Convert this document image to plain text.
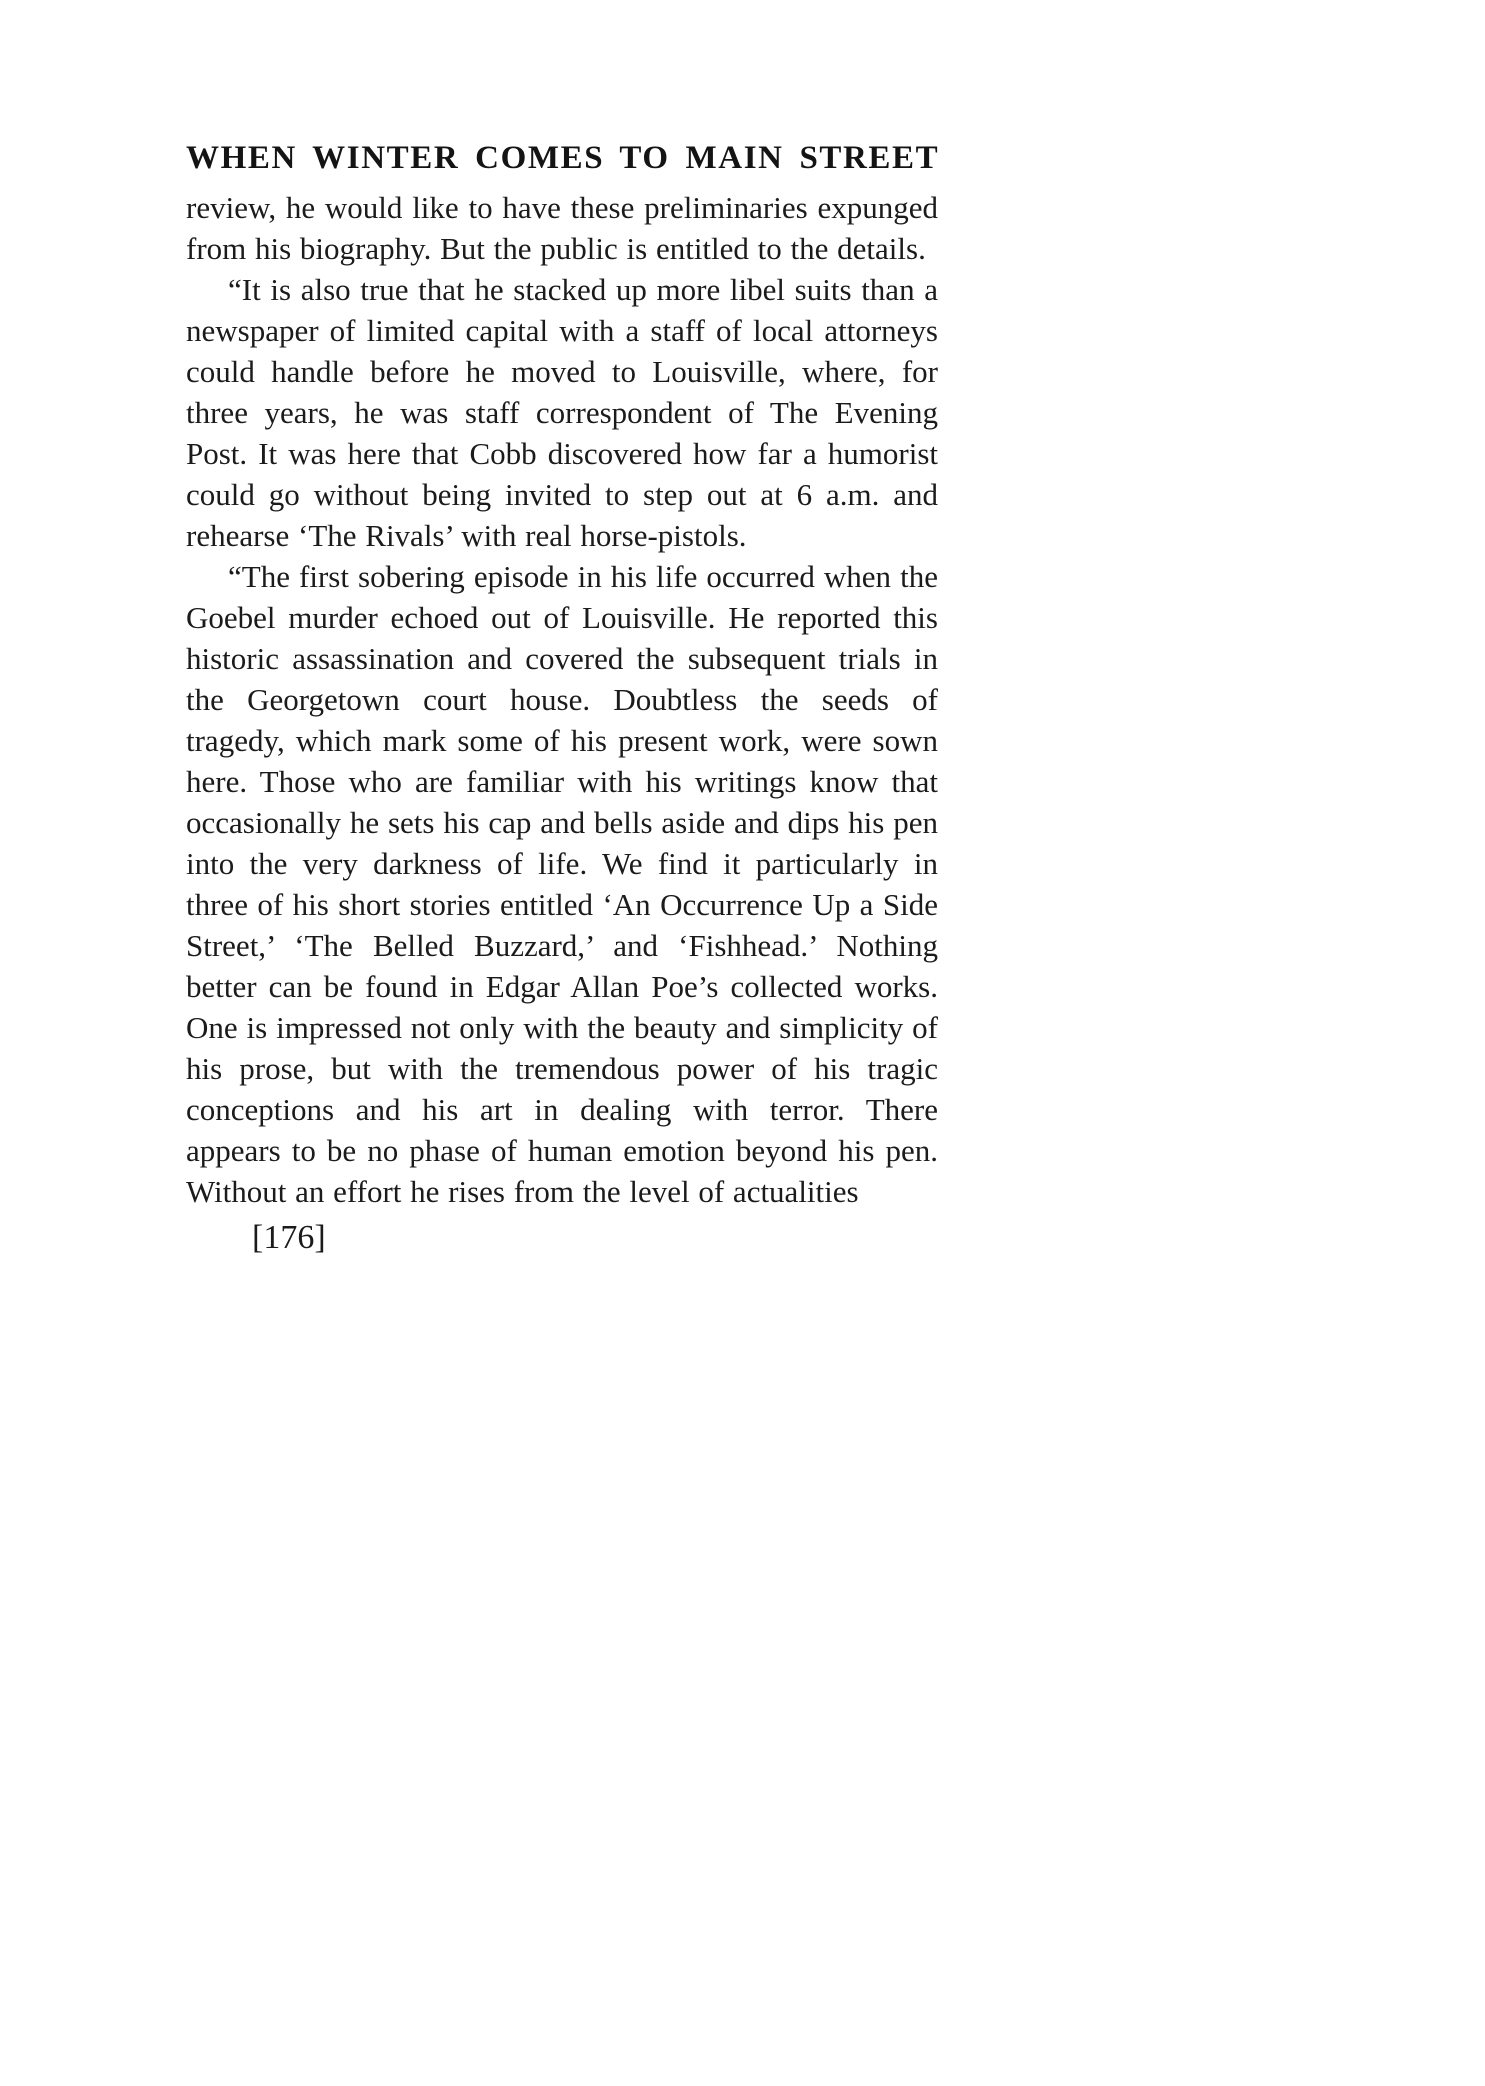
WHEN WINTER COMES TO MAIN STREET

review, he would like to have these preliminaries expunged from his biography. But the public is entitled to the details.

“It is also true that he stacked up more libel suits than a newspaper of limited capital with a staff of local attorneys could handle before he moved to Louisville, where, for three years, he was staff correspondent of The Evening Post. It was here that Cobb discovered how far a humorist could go without being invited to step out at 6 a.m. and rehearse ‘The Rivals’ with real horse-pistols.

“The first sobering episode in his life occurred when the Goebel murder echoed out of Louisville. He reported this historic assassination and covered the subsequent trials in the Georgetown court house. Doubtless the seeds of tragedy, which mark some of his present work, were sown here. Those who are familiar with his writings know that occasionally he sets his cap and bells aside and dips his pen into the very darkness of life. We find it particularly in three of his short stories entitled ‘An Occurrence Up a Side Street,’ ‘The Belled Buzzard,’ and ‘Fishhead.’ Nothing better can be found in Edgar Allan Poe’s collected works. One is impressed not only with the beauty and simplicity of his prose, but with the tremendous power of his tragic conceptions and his art in dealing with terror. There appears to be no phase of human emotion beyond his pen. Without an effort he rises from the level of actualities

[176]
